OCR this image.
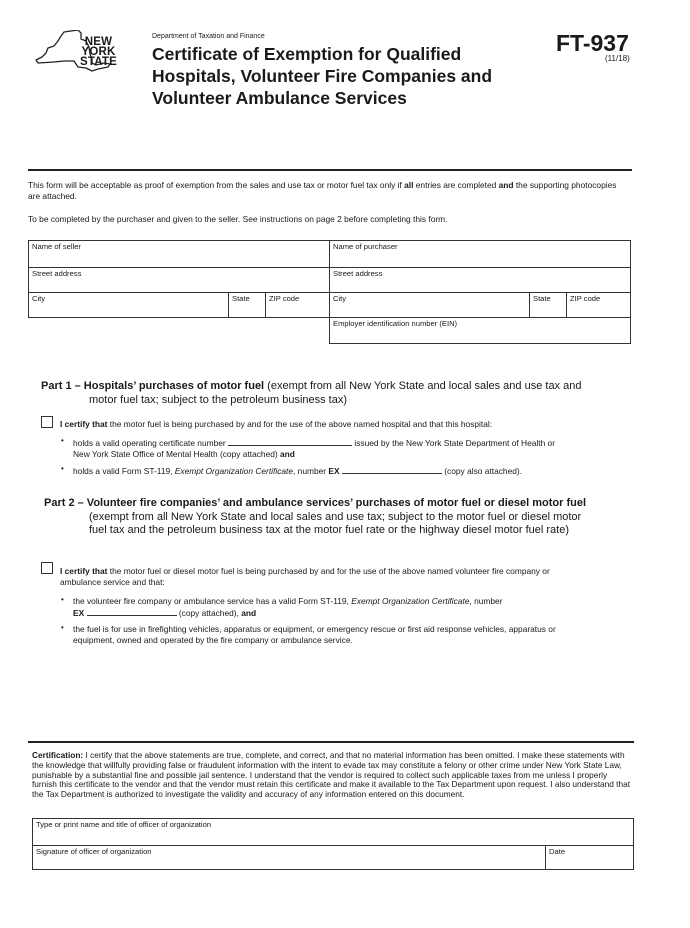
NEW
YORK
STATE
Department of Taxation and Finance
Certificate of Exemption for Qualified
Hospitals, Volunteer Fire Companies and
Volunteer Ambulance Services
FT-937
(11/18)
This form will be acceptable as proof of exemption from the sales and use tax or motor fuel tax only if all entries are completed and the supporting photocopies are attached.
To be completed by the purchaser and given to the seller. See instructions on page 2 before completing this form.
Name of seller
Street address
City	State	ZIP code
Name of purchaser
Street address
City	State	ZIP code
Employer identification number (EIN)
Part 1 – Hospitals’ purchases of motor fuel (exempt from all New York State and local sales and use tax and
motor fuel tax; subject to the petroleum business tax)
I certify that the motor fuel is being purchased by and for the use of the above named hospital and that this hospital:
• holds a valid operating certificate number	issued by the New York State Department of Health or
New York State Office of Mental Health (copy attached) and
• holds a valid Form ST-119, Exempt Organization Certificate, number EX	(copy also attached).
Part 2 – Volunteer fire companies’ and ambulance services’ purchases of motor fuel or diesel motor fuel
(exempt from all New York State and local sales and use tax; subject to the motor fuel or diesel motor
fuel tax and the petroleum business tax at the motor fuel rate or the highway diesel motor fuel rate)
I certify that the motor fuel or diesel motor fuel is being purchased by and for the use of the above named volunteer fire company or
ambulance service and that:
• the volunteer fire company or ambulance service has a valid Form ST-119, Exempt Organization Certificate, number
EX	(copy attached), and
• the fuel is for use in firefighting vehicles, apparatus or equipment, or emergency rescue or first aid response vehicles, apparatus or
equipment, owned and operated by the fire company or ambulance service.
Certification: I certify that the above statements are true, complete, and correct, and that no material information has been omitted. I make these statements with the knowledge that willfully providing false or fraudulent information with the intent to evade tax may constitute a felony or other crime under New York State Law, punishable by a substantial fine and possible jail sentence. I understand that the vendor is required to collect such applicable taxes from me unless I properly furnish this certificate to the vendor and that the vendor must retain this certificate and make it available to the Tax Department upon request. I also understand that the Tax Department is authorized to investigate the validity and accuracy of any information entered on this document.
Type or print name and title of officer of organization
Signature of officer of organization	Date
